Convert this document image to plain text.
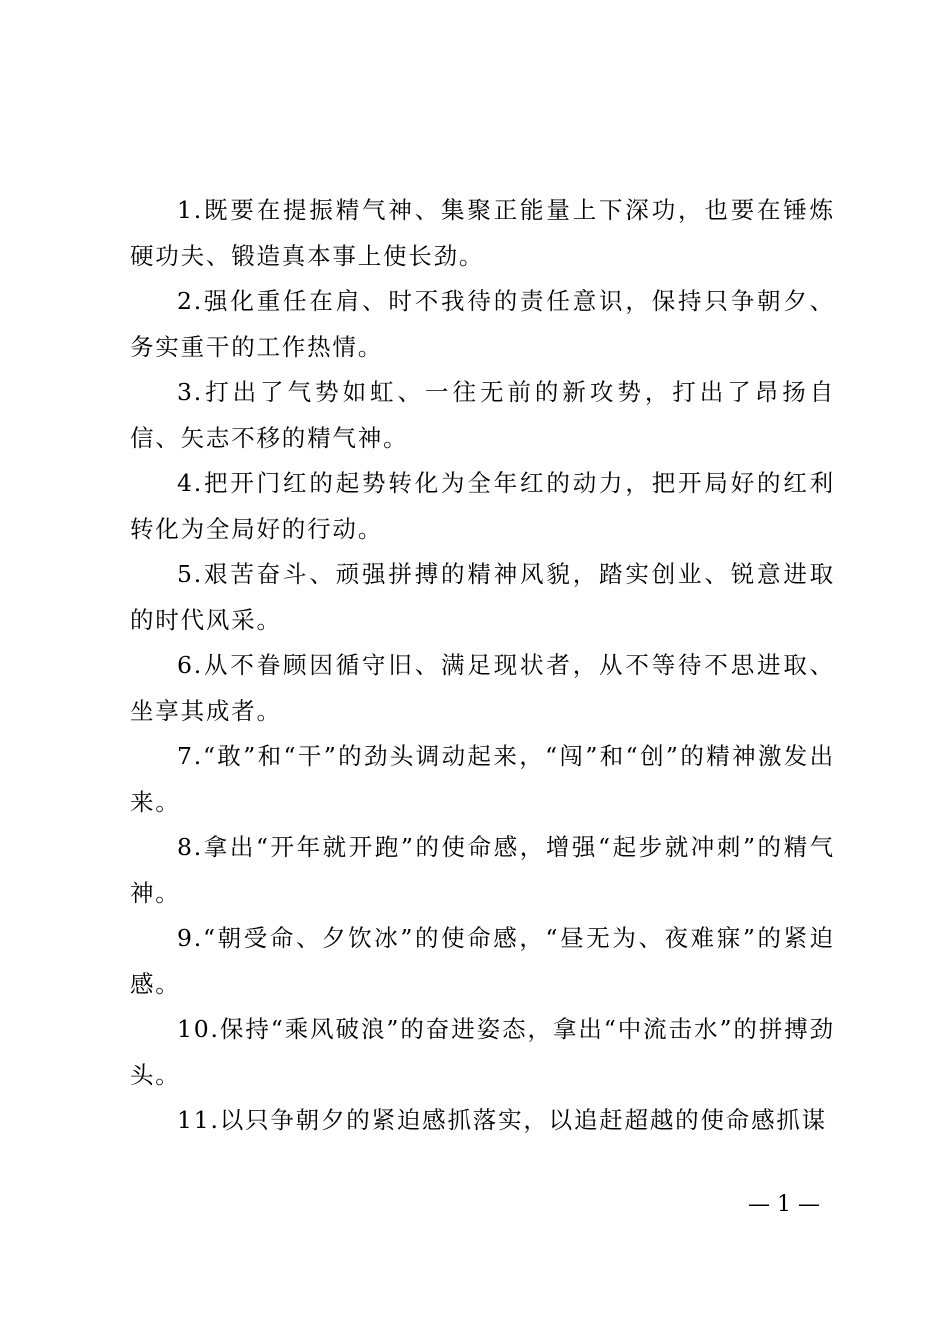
1.既要在提振精气神、集聚正能量上下深功，也要在锤炼硬功夫、锻造真本事上使长劲。

2.强化重任在肩、时不我待的责任意识，保持只争朝夕、务实重干的工作热情。

3.打出了气势如虹、一往无前的新攻势，打出了昂扬自信、矢志不移的精气神。

4.把开门红的起势转化为全年红的动力，把开局好的红利转化为全局好的行动。

5.艰苦奋斗、顽强拼搏的精神风貌，踏实创业、锐意进取的时代风采。

6.从不眷顾因循守旧、满足现状者，从不等待不思进取、坐享其成者。

7.“敢”和“干”的劲头调动起来，“闯”和“创”的精神激发出来。

8.拿出“开年就开跑”的使命感，增强“起步就冲刺”的精气神。

9.“朝受命、夕饮冰”的使命感，“昼无为、夜难寐”的紧迫感。

10.保持“乘风破浪”的奋进姿态，拿出“中流击水”的拼搏劲头。

11.以只争朝夕的紧迫感抓落实，以追赶超越的使命感抓谋

— 1 —
